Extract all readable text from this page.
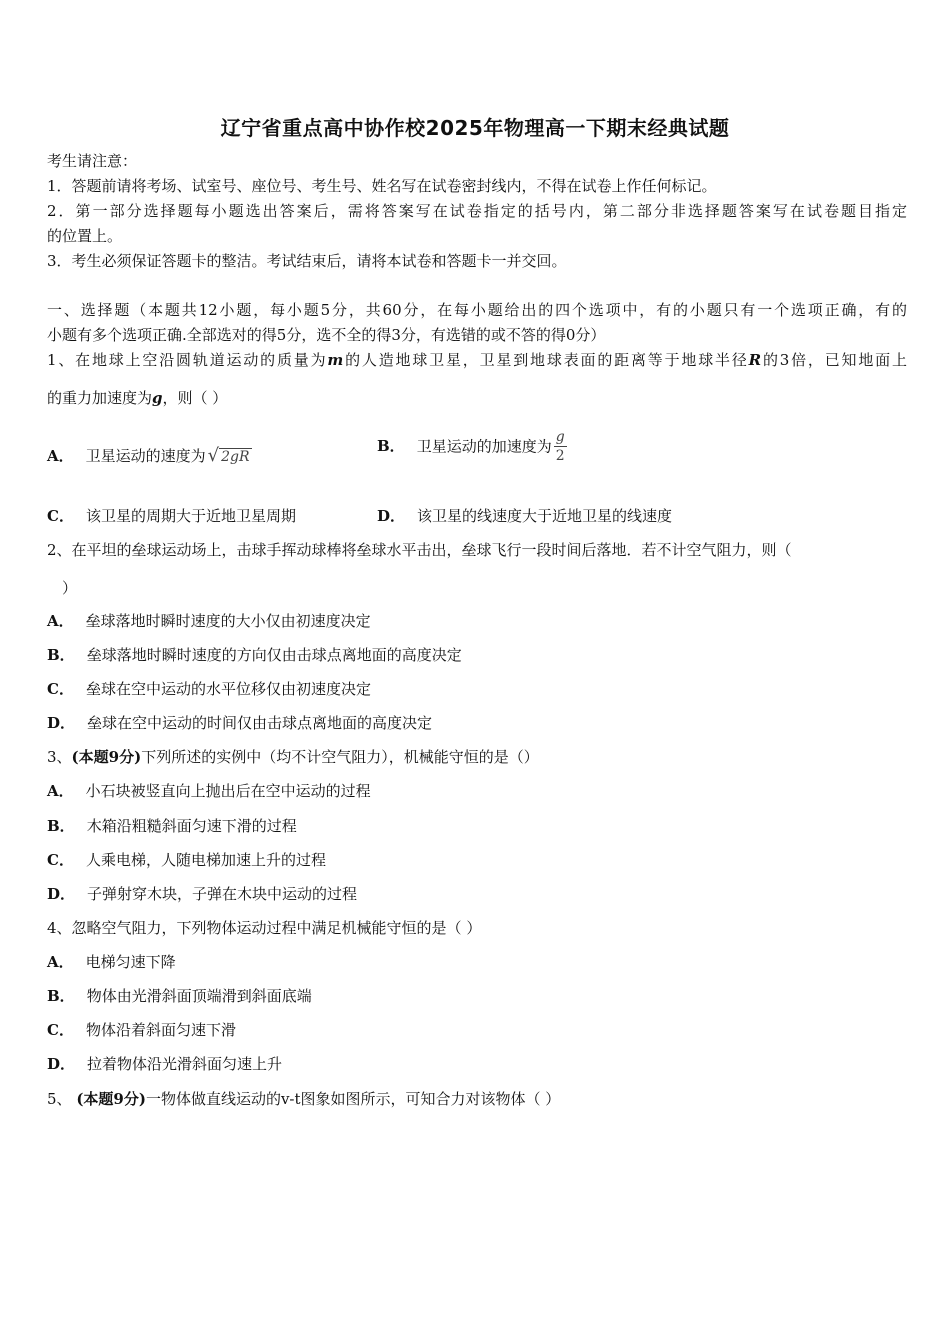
辽宁省重点高中协作校2025年物理高一下期末经典试题
考生请注意：
1．答题前请将考场、试室号、座位号、考生号、姓名写在试卷密封线内，不得在试卷上作任何标记。
2．第一部分选择题每小题选出答案后，需将答案写在试卷指定的括号内，第二部分非选择题答案写在试卷题目指定
的位置上。
3．考生必须保证答题卡的整洁。考试结束后，请将本试卷和答题卡一并交回。
一、选择题（本题共12小题，每小题5分，共60分，在每小题给出的四个选项中，有的小题只有一个选项正确，有的
小题有多个选项正确.全部选对的得5分，选不全的得3分，有选错的或不答的得0分）
1、在地球上空沿圆轨道运动的质量为m的人造地球卫星，卫星到地球表面的距离等于地球半径R的3倍，已知地面上
的重力加速度为g，则（ ）
A． 卫星运动的速度为 √ 2gR
B． 卫星运动的加速度为 $\frac{g}{2}$
C． 该卫星的周期大于近地卫星周期	D． 该卫星的线速度大于近地卫星的线速度
2、在平坦的垒球运动场上，击球手挥动球棒将垒球水平击出，垒球飞行一段时间后落地．若不计空气阻力，则（
）
A． 垒球落地时瞬时速度的大小仅由初速度决定
B． 垒球落地时瞬时速度的方向仅由击球点离地面的高度决定
C． 垒球在空中运动的水平位移仅由初速度决定
D． 垒球在空中运动的时间仅由击球点离地面的高度决定
3、(本题9分)下列所述的实例中（均不计空气阻力），机械能守恒的是（）
A． 小石块被竖直向上抛出后在空中运动的过程
B． 木箱沿粗糙斜面匀速下滑的过程
C． 人乘电梯，人随电梯加速上升的过程
D． 子弹射穿木块，子弹在木块中运动的过程
4、忽略空气阻力，下列物体运动过程中满足机械能守恒的是（ ）
A． 电梯匀速下降
B． 物体由光滑斜面顶端滑到斜面底端
C． 物体沿着斜面匀速下滑
D． 拉着物体沿光滑斜面匀速上升
5、 (本题9分)一物体做直线运动的v-t图象如图所示，可知合力对该物体（ ）
